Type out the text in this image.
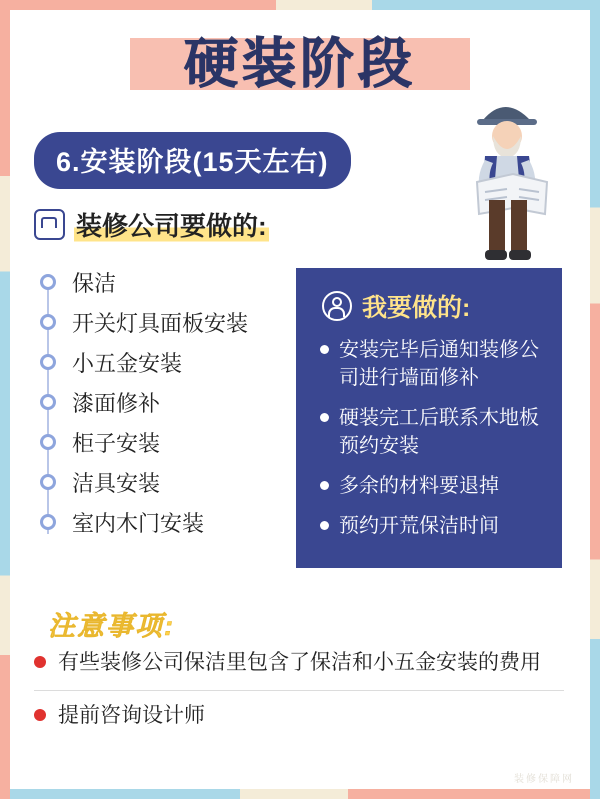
硬装阶段
6.安装阶段(15天左右)
装修公司要做的:
保洁
开关灯具面板安装
小五金安装
漆面修补
柜子安装
洁具安装
室内木门安装
我要做的:
安装完毕后通知装修公司进行墙面修补
硬装完工后联系木地板预约安装
多余的材料要退掉
预约开荒保洁时间
注意事项:
有些装修公司保洁里包含了保洁和小五金安装的费用
提前咨询设计师
装修保障网
